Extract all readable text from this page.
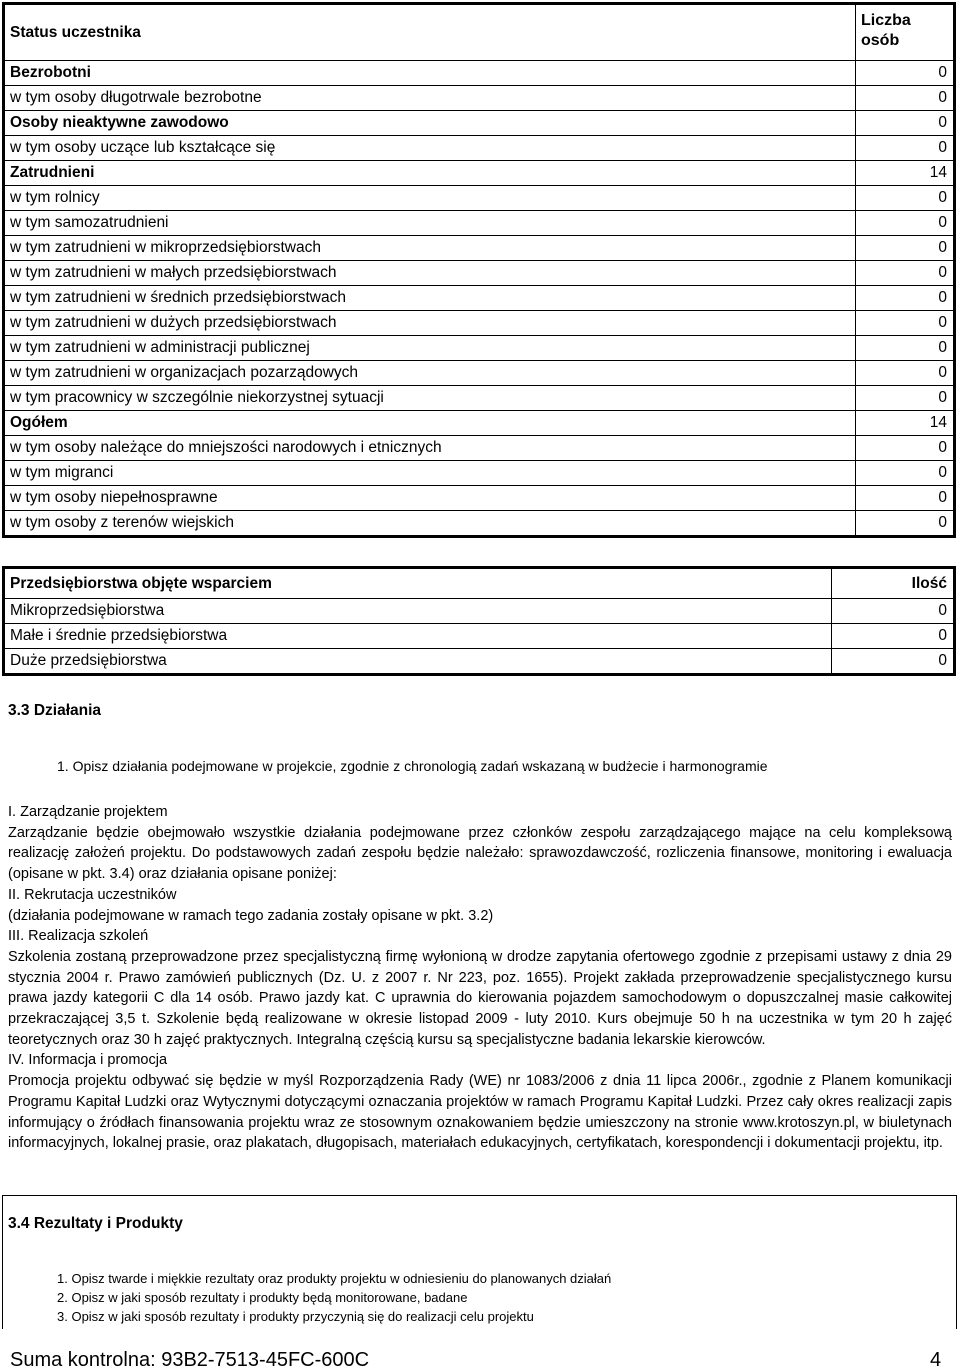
Status uczestnika	Liczba
osób
Bezrobotni	0
w tym osoby długotrwale bezrobotne	0
Osoby nieaktywne zawodowo	0
w tym osoby uczące lub kształcące się	0
Zatrudnieni	14
w tym rolnicy	0
w tym samozatrudnieni	0
w tym zatrudnieni w mikroprzedsiębiorstwach	0
w tym zatrudnieni w małych przedsiębiorstwach	0
w tym zatrudnieni w średnich przedsiębiorstwach	0
w tym zatrudnieni w dużych przedsiębiorstwach	0
w tym zatrudnieni w administracji publicznej	0
w tym zatrudnieni w organizacjach pozarządowych	0
w tym pracownicy w szczególnie niekorzystnej sytuacji	0
Ogółem	14
w tym osoby należące do mniejszości narodowych i etnicznych	0
w tym migranci	0
w tym osoby niepełnosprawne	0
w tym osoby z terenów wiejskich	0
Przedsiębiorstwa objęte wsparciem	Ilość
Mikroprzedsiębiorstwa	0
Małe i średnie przedsiębiorstwa	0
Duże przedsiębiorstwa	0
3.3 Działania
1. Opisz działania podejmowane w projekcie, zgodnie z chronologią zadań wskazaną w budżecie i harmonogramie

I. Zarządzanie projektem

Zarządzanie będzie obejmowało wszystkie działania podejmowane przez członków zespołu zarządzającego mające na celu kompleksową realizację założeń projektu. Do podstawowych zadań zespołu będzie należało: sprawozdawczość, rozliczenia finansowe, monitoring i ewaluacja (opisane w pkt. 3.4) oraz działania opisane poniżej:

II. Rekrutacja uczestników

(działania podejmowane w ramach tego zadania zostały opisane w pkt. 3.2)

III. Realizacja szkoleń

Szkolenia zostaną przeprowadzone przez specjalistyczną firmę wyłonioną w drodze zapytania ofertowego zgodnie z przepisami ustawy z dnia 29 stycznia 2004 r. Prawo zamówień publicznych (Dz. U. z 2007 r. Nr 223, poz. 1655). Projekt zakłada przeprowadzenie specjalistycznego kursu prawa jazdy kategorii C dla 14 osób. Prawo jazdy kat. C uprawnia do kierowania pojazdem samochodowym o dopuszczalnej masie całkowitej przekraczającej 3,5 t. Szkolenie będą realizowane w okresie listopad 2009 - luty 2010. Kurs obejmuje 50 h na uczestnika w tym 20 h zajęć teoretycznych oraz 30 h zajęć praktycznych. Integralną częścią kursu są specjalistyczne badania lekarskie kierowców.

IV. Informacja i promocja

Promocja projektu odbywać się będzie w myśl Rozporządzenia Rady (WE) nr 1083/2006 z dnia 11 lipca 2006r., zgodnie z Planem komunikacji Programu Kapitał Ludzki oraz Wytycznymi dotyczącymi oznaczania projektów w ramach Programu Kapitał Ludzki. Przez cały okres realizacji zapis informujący o źródłach finansowania projektu wraz ze stosownym oznakowaniem będzie umieszczony na stronie www.krotoszyn.pl, w biuletynach informacyjnych, lokalnej prasie, oraz plakatach, długopisach, materiałach edukacyjnych, certyfikatach, korespondencji i dokumentacji projektu, itp.

3.4 Rezultaty i Produkty
1. Opisz twarde i miękkie rezultaty oraz produkty projektu w odniesieniu do planowanych działań
2. Opisz w jaki sposób rezultaty i produkty będą monitorowane, badane
3. Opisz w jaki sposób rezultaty i produkty przyczynią się do realizacji celu projektu
Suma kontrolna: 93B2-7513-45FC-600C	4
